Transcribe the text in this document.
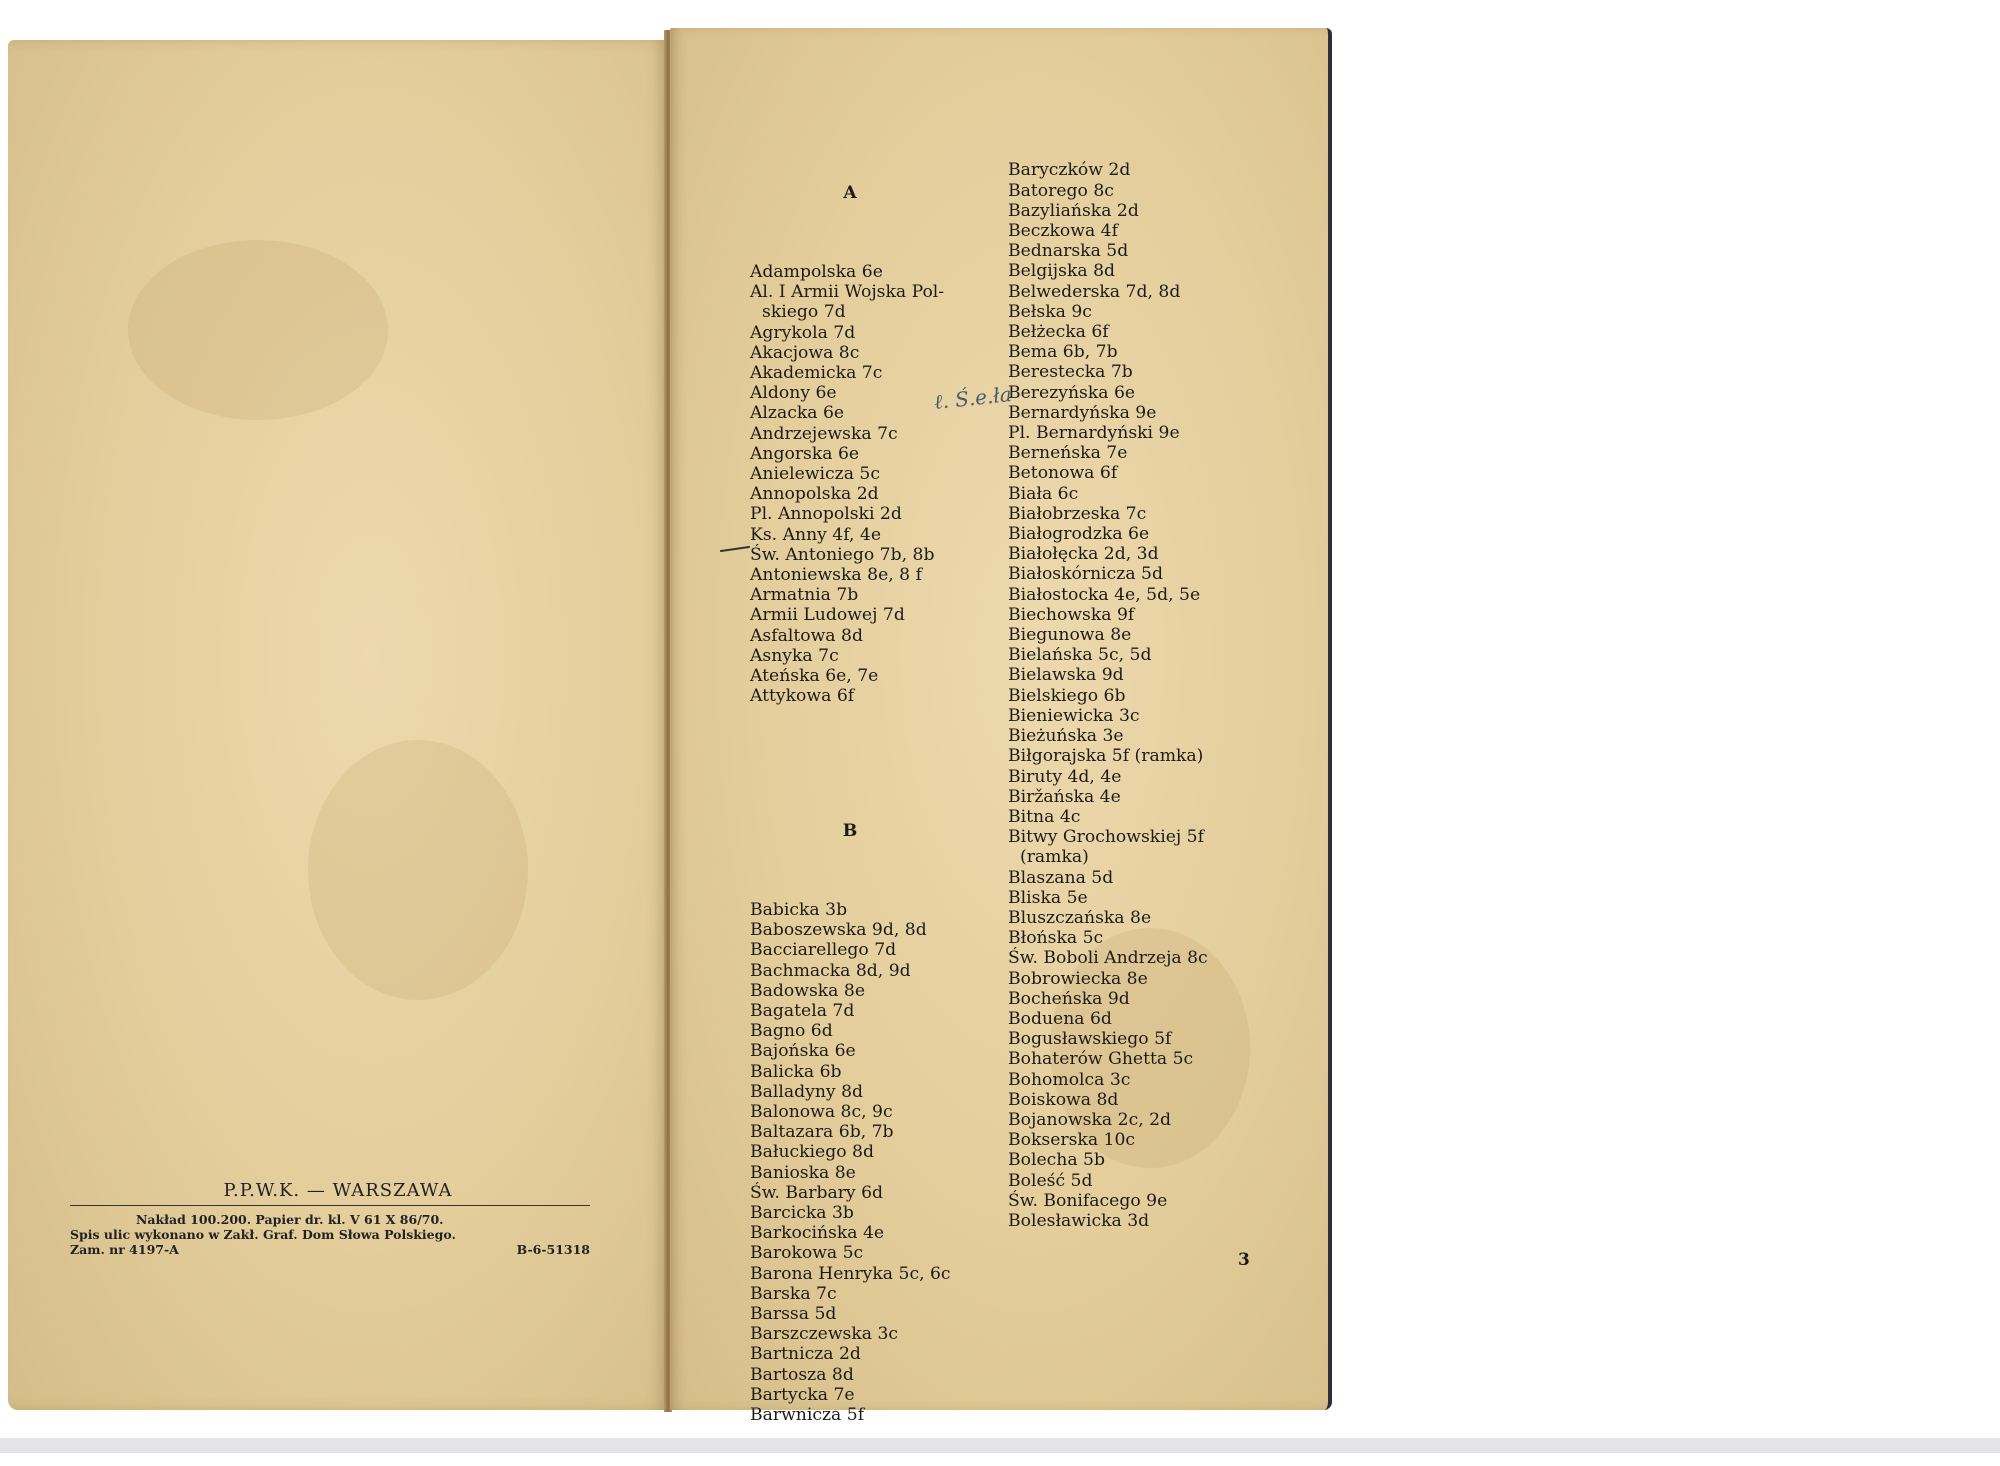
P.P.W.K. — WARSZAWA
Nakład 100.200. Papier dr. kl. V 61 X 86/70.
Spis ulic wykonano w Zakł. Graf. Dom Słowa Polskiego.
Zam. nr 4197-A	B-6-51318

A

Adampolska 6e
Al. I Armii Wojska Pol-
skiego 7d
Agrykola 7d
Akacjowa 8c
Akademicka 7c
Aldony 6e
Alzacka 6e
Andrzejewska 7c
Angorska 6e
Anielewicza 5c
Annopolska 2d
Pl. Annopolski 2d
Ks. Anny 4f, 4e
Św. Antoniego 7b, 8b
Antoniewska 8e, 8 f
Armatnia 7b
Armii Ludowej 7d
Asfaltowa 8d
Asnyka 7c
Ateńska 6e, 7e
Attykowa 6f

B

Babicka 3b
Baboszewska 9d, 8d
Bacciarellego 7d
Bachmacka 8d, 9d
Badowska 8e
Bagatela 7d
Bagno 6d
Bajońska 6e
Balicka 6b
Balladyny 8d
Balonowa 8c, 9c
Baltazara 6b, 7b
Bałuckiego 8d
Banioska 8e
Św. Barbary 6d
Barcicka 3b
Barkocińska 4e
Barokowa 5c
Barona Henryka 5c, 6c
Barska 7c
Barssa 5d
Barszczewska 3c
Bartnicza 2d
Bartosza 8d
Bartycka 7e
Barwnicza 5f

Baryczków 2d
Batorego 8c
Bazyliańska 2d
Beczkowa 4f
Bednarska 5d
Belgijska 8d
Belwederska 7d, 8d
Bełska 9c
Bełżecka 6f
Bema 6b, 7b
Berestecka 7b
Berezyńska 6e
Bernardyńska 9e
Pl. Bernardyński 9e
Berneńska 7e
Betonowa 6f
Biała 6c
Białobrzeska 7c
Białogrodzka 6e
Białołęcka 2d, 3d
Białoskórnicza 5d
Białostocka 4e, 5d, 5e
Biechowska 9f
Biegunowa 8e
Bielańska 5c, 5d
Bielawska 9d
Bielskiego 6b
Bieniewicka 3c
Bieżuńska 3e
Biłgorajska 5f (ramka)
Biruty 4d, 4e
Biržańska 4e
Bitna 4c
Bitwy Grochowskiej 5f
(ramka)
Blaszana 5d
Bliska 5e
Bluszczańska 8e
Błońska 5c
Św. Boboli Andrzeja 8c
Bobrowiecka 8e
Bocheńska 9d
Boduena 6d
Bogusławskiego 5f
Bohaterów Ghetta 5c
Bohomolca 3c
Boiskowa 8d
Bojanowska 2c, 2d
Bokserska 10c
Bolecha 5b
Boleść 5d
Św. Bonifacego 9e
Bolesławicka 3d

ℓ. Ś.e.ła
3
